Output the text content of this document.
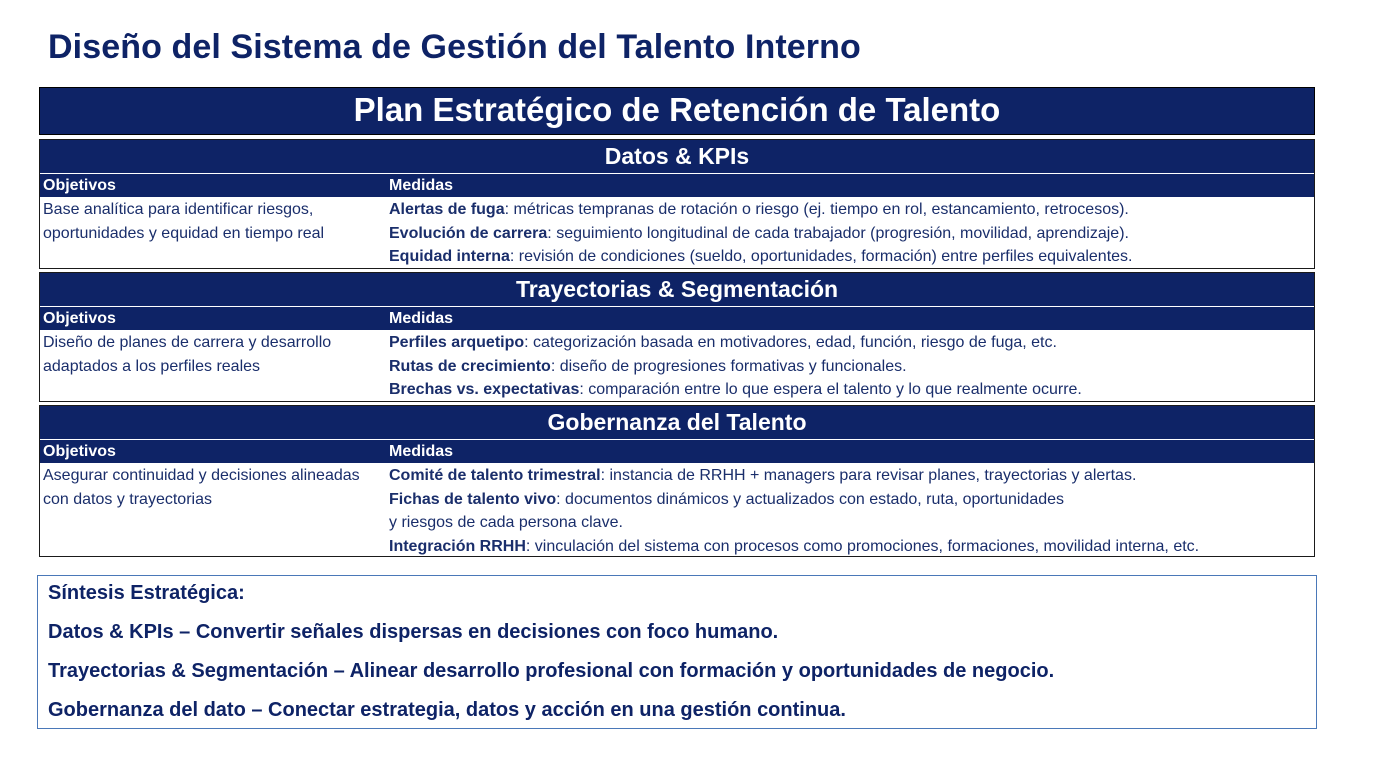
Diseño del Sistema de Gestión del Talento Interno
Plan Estratégico de Retención de Talento
Datos & KPIs
Objetivos	Medidas
Base analítica para identificar riesgos, oportunidades y equidad en tiempo real
Alertas de fuga: métricas tempranas de rotación o riesgo (ej. tiempo en rol, estancamiento, retrocesos).
Evolución de carrera: seguimiento longitudinal de cada trabajador (progresión, movilidad, aprendizaje).
Equidad interna: revisión de condiciones (sueldo, oportunidades, formación) entre perfiles equivalentes.
Trayectorias & Segmentación
Objetivos	Medidas
Diseño de planes de carrera y desarrollo adaptados a los perfiles reales
Perfiles arquetipo: categorización basada en motivadores, edad, función, riesgo de fuga, etc.
Rutas de crecimiento: diseño de progresiones formativas y funcionales.
Brechas vs. expectativas: comparación entre lo que espera el talento y lo que realmente ocurre.
Gobernanza del Talento
Objetivos	Medidas
Asegurar continuidad y decisiones alineadas con datos y trayectorias
Comité de talento trimestral: instancia de RRHH + managers para revisar planes, trayectorias y alertas.
Fichas de talento vivo: documentos dinámicos y actualizados con estado, ruta, oportunidades
y riesgos de cada persona clave.
Integración RRHH: vinculación del sistema con procesos como promociones, formaciones, movilidad interna, etc.
Síntesis Estratégica:
Datos & KPIs – Convertir señales dispersas en decisiones con foco humano.
Trayectorias & Segmentación – Alinear desarrollo profesional con formación y oportunidades de negocio.
Gobernanza del dato – Conectar estrategia, datos y acción en una gestión continua.
